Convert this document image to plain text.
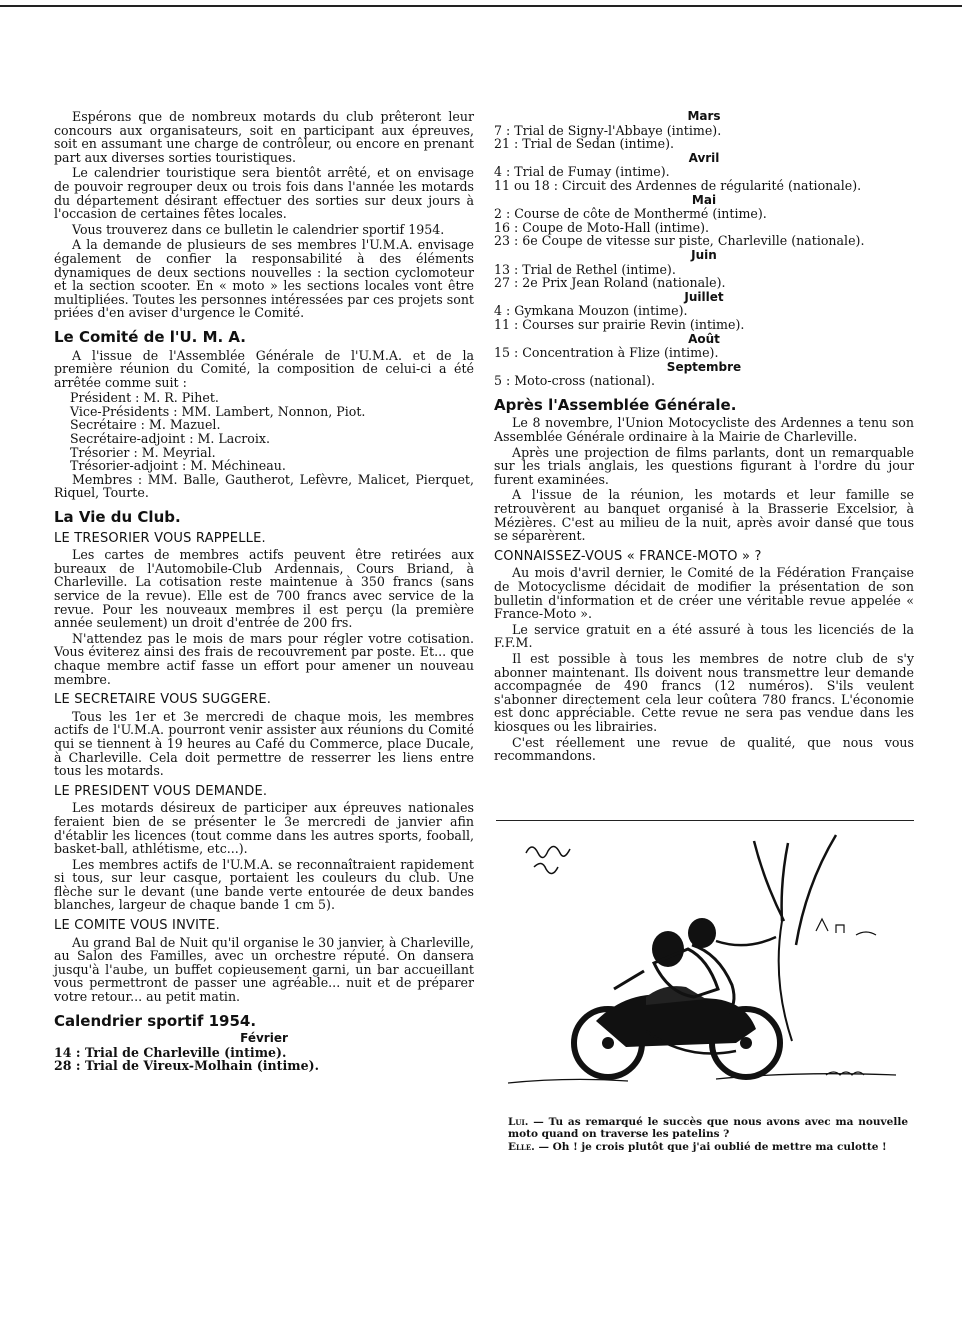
Espérons que de nombreux motards du club prêteront leur concours aux organisateurs, soit en participant aux épreuves, soit en assumant une charge de contrôleur, ou encore en prenant part aux diverses sorties touristiques.

Le calendrier touristique sera bientôt arrêté, et on envisage de pouvoir regrouper deux ou trois fois dans l'année les motards du département désirant effectuer des sorties sur deux jours à l'occasion de certaines fêtes locales.

Vous trouverez dans ce bulletin le calendrier sportif 1954.

A la demande de plusieurs de ses membres l'U.M.A. envisage également de confier la responsabilité à des éléments dynamiques de deux sections nouvelles : la section cyclomoteur et la section scooter. En « moto » les sections locales vont être multipliées. Toutes les personnes intéressées par ces projets sont priées d'en aviser d'urgence le Comité.

Le Comité de l'U. M. A.

A l'issue de l'Assemblée Générale de l'U.M.A. et de la première réunion du Comité, la composition de celui-ci a été arrêtée comme suit :

Président : M. R. Pihet.

Vice-Présidents : MM. Lambert, Nonnon, Piot.

Secrétaire : M. Mazuel.

Secrétaire-adjoint : M. Lacroix.

Trésorier : M. Meyrial.

Trésorier-adjoint : M. Méchineau.

Membres : MM. Balle, Gautherot, Lefèvre, Malicet, Pierquet, Riquel, Tourte.

La Vie du Club.
LE TRESORIER VOUS RAPPELLE.

Les cartes de membres actifs peuvent être retirées aux bureaux de l'Automobile-Club Ardennais, Cours Briand, à Charleville. La cotisation reste maintenue à 350 francs (sans service de la revue). Elle est de 700 francs avec service de la revue. Pour les nouveaux membres il est perçu (la première année seulement) un droit d'entrée de 200 frs.

N'attendez pas le mois de mars pour régler votre cotisation. Vous éviterez ainsi des frais de recouvrement par poste. Et... que chaque membre actif fasse un effort pour amener un nouveau membre.

LE SECRETAIRE VOUS SUGGERE.

Tous les 1er et 3e mercredi de chaque mois, les membres actifs de l'U.M.A. pourront venir assister aux réunions du Comité qui se tiennent à 19 heures au Café du Commerce, place Ducale, à Charleville. Cela doit permettre de resserrer les liens entre tous les motards.

LE PRESIDENT VOUS DEMANDE.

Les motards désireux de participer aux épreuves nationales feraient bien de se présenter le 3e mercredi de janvier afin d'établir les licences (tout comme dans les autres sports, fooball, basket-ball, athlétisme, etc...).

Les membres actifs de l'U.M.A. se reconnaîtraient rapidement si tous, sur leur casque, portaient les couleurs du club. Une flèche sur le devant (une bande verte entourée de deux bandes blanches, largeur de chaque bande 1 cm 5).

LE COMITE VOUS INVITE.

Au grand Bal de Nuit qu'il organise le 30 janvier, à Charleville, au Salon des Familles, avec un orchestre réputé. On dansera jusqu'à l'aube, un buffet copieusement garni, un bar accueillant vous permettront de passer une agréable... nuit et de préparer votre retour... au petit matin.

Calendrier sportif 1954.
Février

14 : Trial de Charleville (intime).

28 : Trial de Vireux-Molhain (intime).

Mars

7 : Trial de Signy-l'Abbaye (intime).

21 : Trial de Sedan (intime).

Avril

4 : Trial de Fumay (intime).

11 ou 18 : Circuit des Ardennes de régularité (nationale).

Mai

2 : Course de côte de Monthermé (intime).

16 : Coupe de Moto-Hall (intime).

23 : 6e Coupe de vitesse sur piste, Charleville (nationale).

Juin

13 : Trial de Rethel (intime).

27 : 2e Prix Jean Roland (nationale).

Juillet

4 : Gymkana Mouzon (intime).

11 : Courses sur prairie Revin (intime).

Août

15 : Concentration à Flize (intime).

Septembre

5 : Moto-cross (national).

Après l'Assemblée Générale.

Le 8 novembre, l'Union Motocycliste des Ardennes a tenu son Assemblée Générale ordinaire à la Mairie de Charleville.

Après une projection de films parlants, dont un remarquable sur les trials anglais, les questions figurant à l'ordre du jour furent examinées.

A l'issue de la réunion, les motards et leur famille se retrouvèrent au banquet organisé à la Brasserie Excelsior, à Mézières. C'est au milieu de la nuit, après avoir dansé que tous se séparèrent.

CONNAISSEZ-VOUS « FRANCE-MOTO » ?

Au mois d'avril dernier, le Comité de la Fédération Française de Motocyclisme décidait de modifier la présentation de son bulletin d'information et de créer une véritable revue appelée « France-Moto ».

Le service gratuit en a été assuré à tous les licenciés de la F.F.M.

Il est possible à tous les membres de notre club de s'y abonner maintenant. Ils doivent nous transmettre leur demande accompagnée de 490 francs (12 numéros). S'ils veulent s'abonner directement cela leur coûtera 780 francs. L'économie est donc appréciable. Cette revue ne sera pas vendue dans les kiosques ou les librairies.

C'est réellement une revue de qualité, que nous vous recommandons.

Lui. — Tu as remarqué le succès que nous avons avec ma nouvelle moto quand on traverse les patelins ?

Elle. — Oh ! je crois plutôt que j'ai oublié de mettre ma culotte !
